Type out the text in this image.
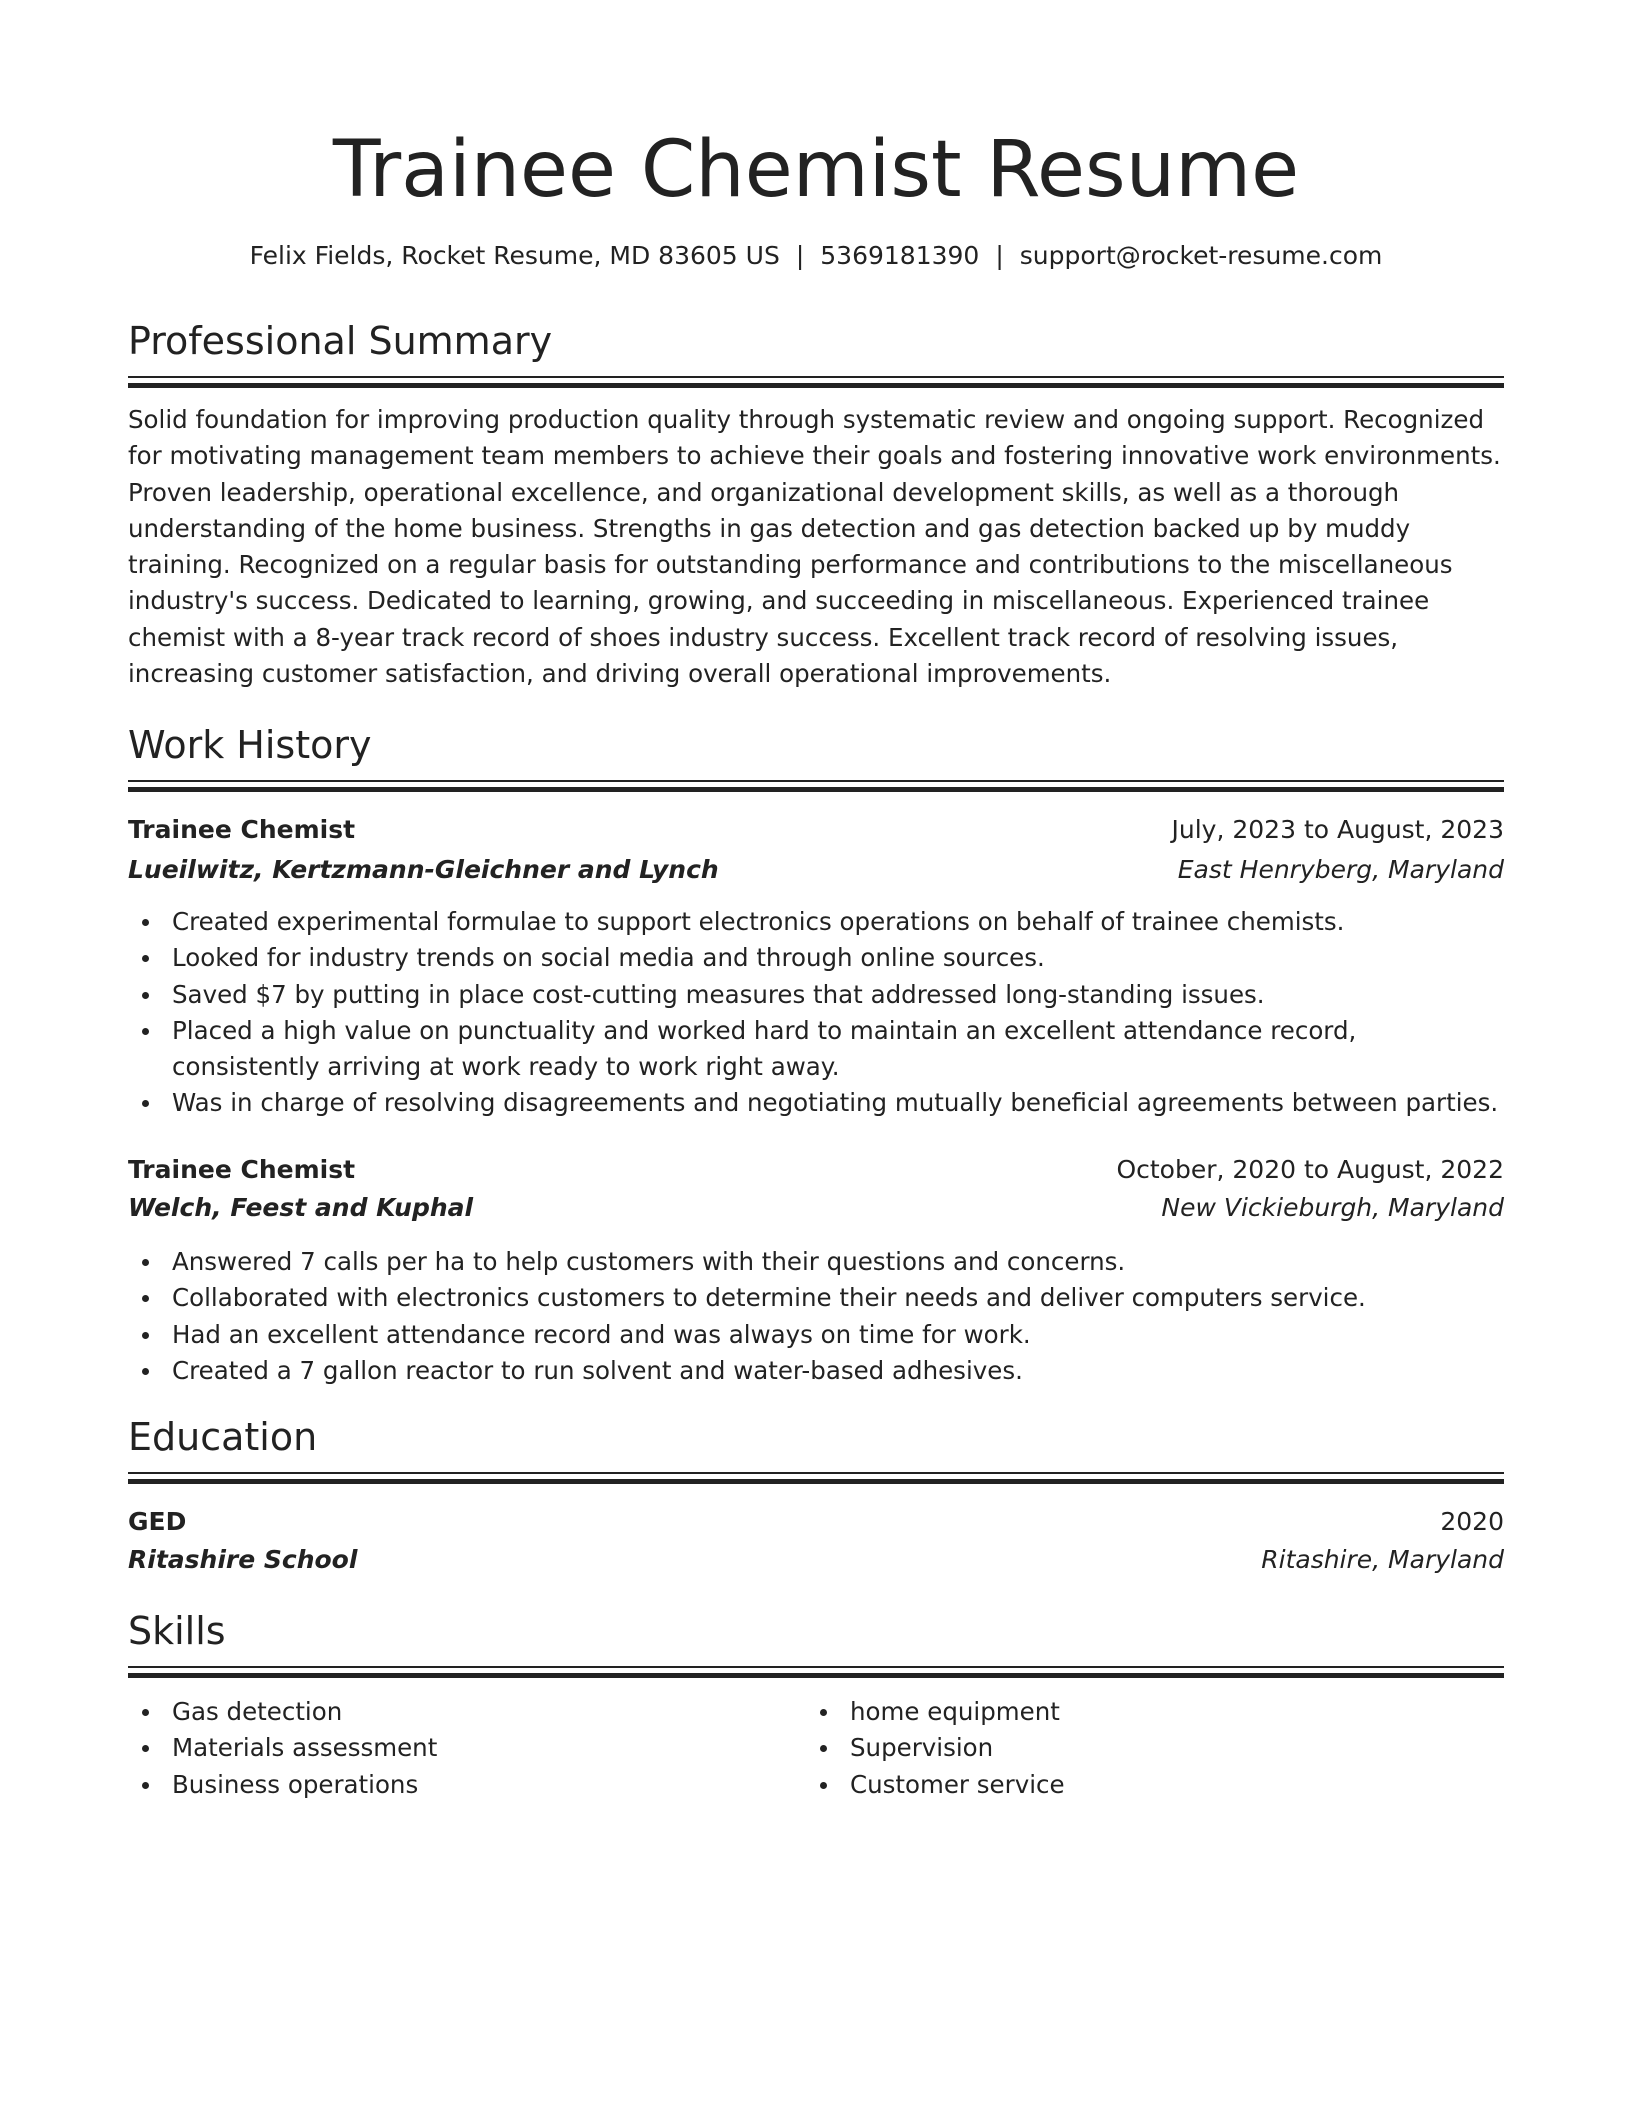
Trainee Chemist Resume
Felix Fields, Rocket Resume, MD 83605 US | 5369181390 | support@rocket-resume.com
Professional Summary

Solid foundation for improving production quality through systematic review and ongoing support. Recognized for motivating management team members to achieve their goals and fostering innovative work environments. Proven leadership, operational excellence, and organizational development skills, as well as a thorough understanding of the home business. Strengths in gas detection and gas detection backed up by muddy training. Recognized on a regular basis for outstanding performance and contributions to the miscellaneous industry's success. Dedicated to learning, growing, and succeeding in miscellaneous. Experienced trainee chemist with a 8-year track record of shoes industry success. Excellent track record of resolving issues, increasing customer satisfaction, and driving overall operational improvements.

Work History
Trainee Chemist	July, 2023 to August, 2023
Lueilwitz, Kertzmann-Gleichner and Lynch	East Henryberg, Maryland
Created experimental formulae to support electronics operations on behalf of trainee chemists.
Looked for industry trends on social media and through online sources.
Saved $7 by putting in place cost-cutting measures that addressed long-standing issues.
Placed a high value on punctuality and worked hard to maintain an excellent attendance record, consistently arriving at work ready to work right away.
Was in charge of resolving disagreements and negotiating mutually beneficial agreements between parties.
Trainee Chemist	October, 2020 to August, 2022
Welch, Feest and Kuphal	New Vickieburgh, Maryland
Answered 7 calls per ha to help customers with their questions and concerns.
Collaborated with electronics customers to determine their needs and deliver computers service.
Had an excellent attendance record and was always on time for work.
Created a 7 gallon reactor to run solvent and water-based adhesives.
Education
GED	2020
Ritashire School	Ritashire, Maryland
Skills
Gas detection
Materials assessment
Business operations
home equipment
Supervision
Customer service
